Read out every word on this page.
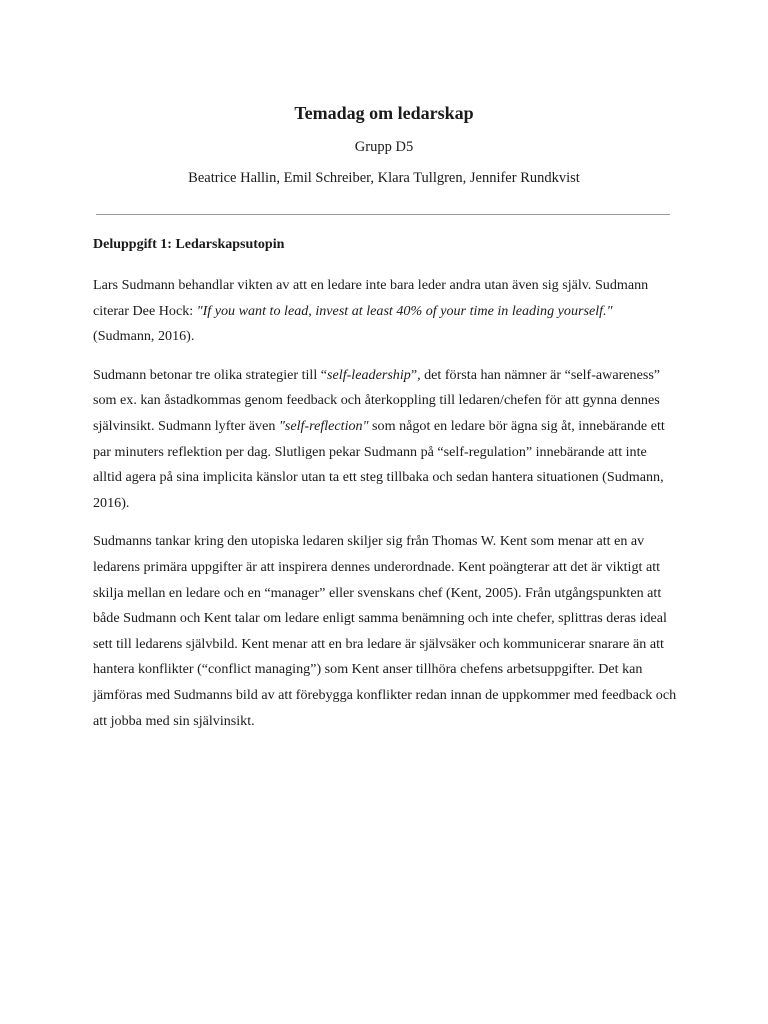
Temadag om ledarskap

Grupp D5

Beatrice Hallin, Emil Schreiber, Klara Tullgren, Jennifer Rundkvist

Deluppgift 1: Ledarskapsutopin

Lars Sudmann behandlar vikten av att en ledare inte bara leder andra utan även sig själv. Sudmann citerar Dee Hock: "If you want to lead, invest at least 40% of your time in leading yourself." (Sudmann, 2016).

Sudmann betonar tre olika strategier till “self-leadership”, det första han nämner är “self-awareness” som ex. kan åstadkommas genom feedback och återkoppling till ledaren/chefen för att gynna dennes självinsikt. Sudmann lyfter även "self-reflection" som något en ledare bör ägna sig åt, innebärande ett par minuters reflektion per dag. Slutligen pekar Sudmann på “self-regulation” innebärande att inte alltid agera på sina implicita känslor utan ta ett steg tillbaka och sedan hantera situationen (Sudmann, 2016).

Sudmanns tankar kring den utopiska ledaren skiljer sig från Thomas W. Kent som menar att en av ledarens primära uppgifter är att inspirera dennes underordnade. Kent poängterar att det är viktigt att skilja mellan en ledare och en “manager” eller svenskans chef (Kent, 2005). Från utgångspunkten att både Sudmann och Kent talar om ledare enligt samma benämning och inte chefer, splittras deras ideal sett till ledarens självbild. Kent menar att en bra ledare är självsäker och kommunicerar snarare än att hantera konflikter (“conflict managing”) som Kent anser tillhöra chefens arbetsuppgifter. Det kan jämföras med Sudmanns bild av att förebygga konflikter redan innan de uppkommer med feedback och att jobba med sin självinsikt.
